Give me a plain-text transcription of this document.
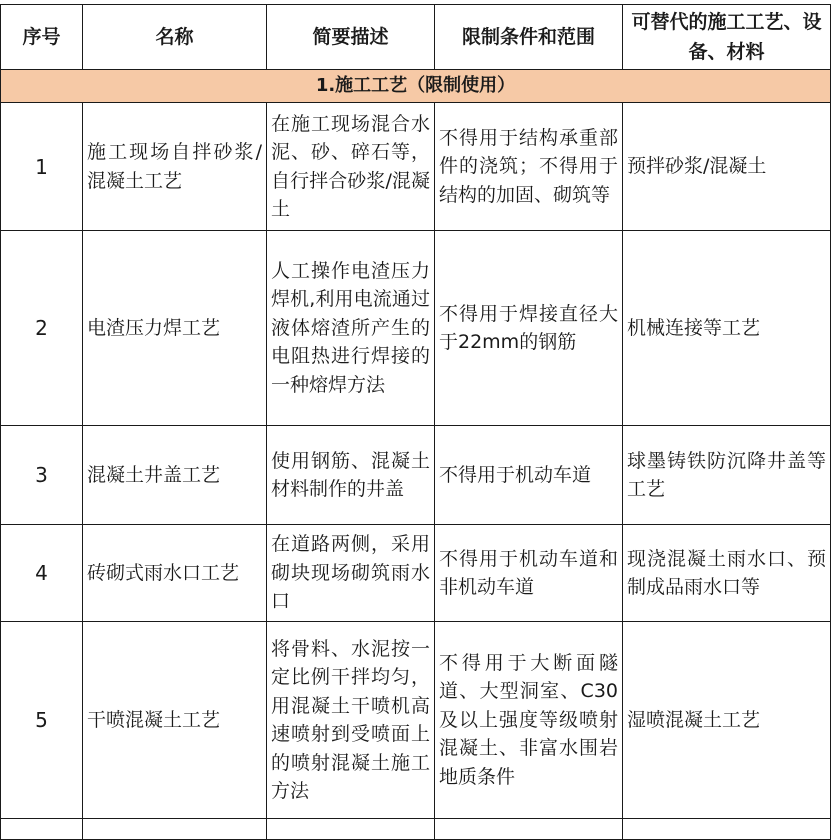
序号	名称	简要描述	限制条件和范围	可替代的施工工艺、设备、材料
1.施工工艺（限制使用）				
1	施工现场自拌砂浆/混凝土工艺	在施工现场混合水泥、砂、碎石等，自行拌合砂浆/混凝土	不得用于结构承重部件的浇筑；不得用于结构的加固、砌筑等	预拌砂浆/混凝土
2	电渣压力焊工艺	人工操作电渣压力焊机,利用电流通过液体熔渣所产生的电阻热进行焊接的一种熔焊方法	不得用于焊接直径大于22mm的钢筋	机械连接等工艺
3	混凝土井盖工艺	使用钢筋、混凝土材料制作的井盖	不得用于机动车道	球墨铸铁防沉降井盖等工艺
4	砖砌式雨水口工艺	在道路两侧，采用砌块现场砌筑雨水口	不得用于机动车道和非机动车道	现浇混凝土雨水口、预制成品雨水口等
5	干喷混凝土工艺	将骨料、水泥按一定比例干拌均匀，用混凝土干喷机高速喷射到受喷面上的喷射混凝土施工方法	不得用于大断面隧道、大型洞室、C30及以上强度等级喷射混凝土、非富水围岩地质条件	湿喷混凝土工艺
